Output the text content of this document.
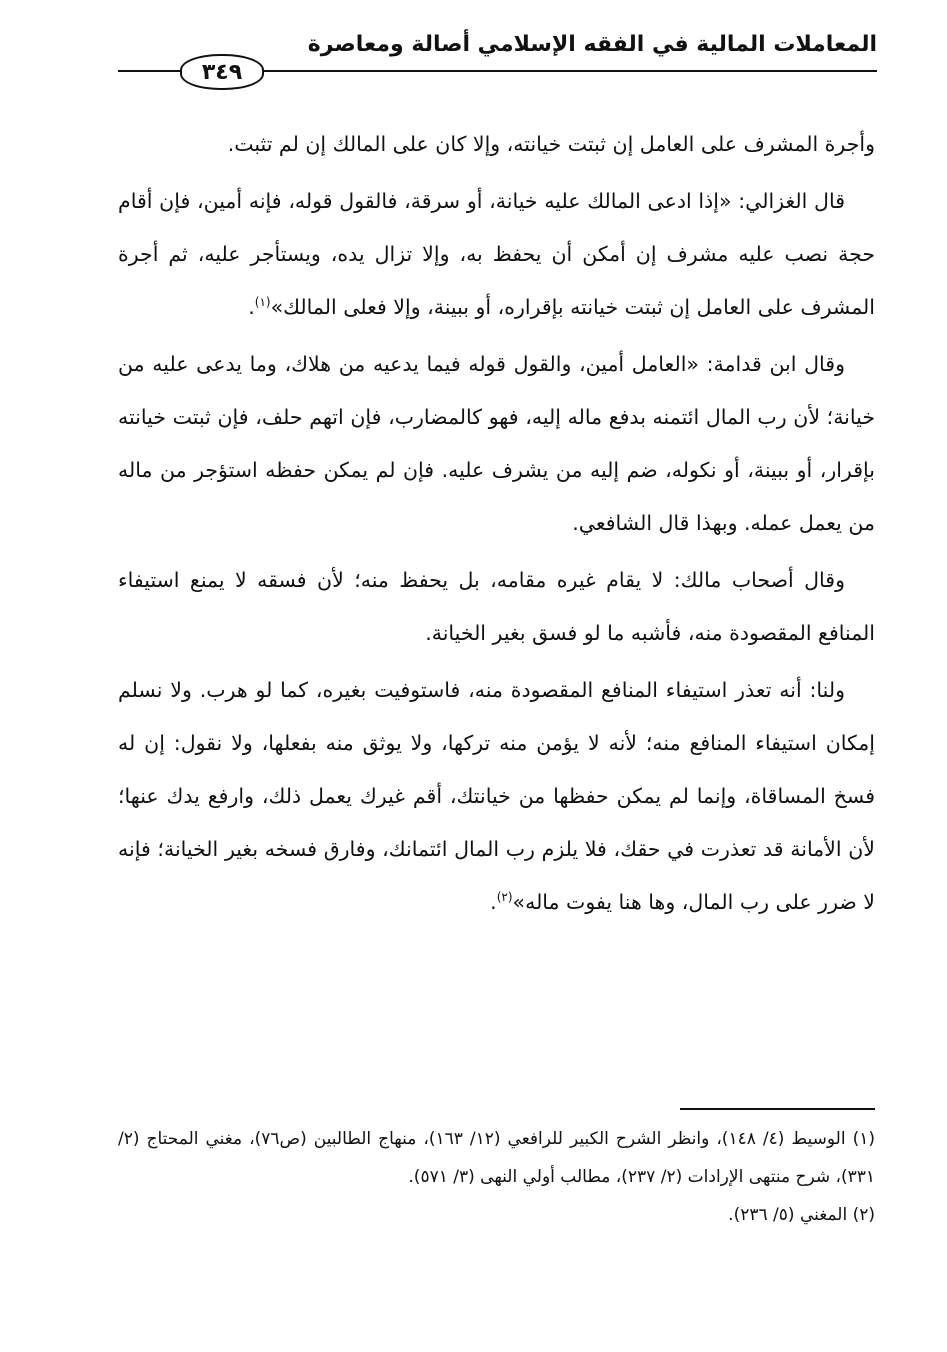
المعاملات المالية في الفقه الإسلامي أصالة ومعاصرة
٣٤٩

وأجرة المشرف على العامل إن ثبتت خيانته، وإلا كان على المالك إن لم تثبت.

قال الغزالي: «إذا ادعى المالك عليه خيانة، أو سرقة، فالقول قوله، فإنه أمين، فإن أقام حجة نصب عليه مشرف إن أمكن أن يحفظ به، وإلا تزال يده، ويستأجر عليه، ثم أجرة المشرف على العامل إن ثبتت خيانته بإقراره، أو ببينة، وإلا فعلى المالك»$^{(١)}$.

وقال ابن قدامة: «العامل أمين، والقول قوله فيما يدعيه من هلاك، وما يدعى عليه من خيانة؛ لأن رب المال ائتمنه بدفع ماله إليه، فهو كالمضارب، فإن اتهم حلف، فإن ثبتت خيانته بإقرار، أو ببينة، أو نكوله، ضم إليه من يشرف عليه. فإن لم يمكن حفظه استؤجر من ماله من يعمل عمله. وبهذا قال الشافعي.

وقال أصحاب مالك: لا يقام غيره مقامه، بل يحفظ منه؛ لأن فسقه لا يمنع استيفاء المنافع المقصودة منه، فأشبه ما لو فسق بغير الخيانة.

ولنا: أنه تعذر استيفاء المنافع المقصودة منه، فاستوفيت بغيره، كما لو هرب. ولا نسلم إمكان استيفاء المنافع منه؛ لأنه لا يؤمن منه تركها، ولا يوثق منه بفعلها، ولا نقول: إن له فسخ المساقاة، وإنما لم يمكن حفظها من خيانتك، أقم غيرك يعمل ذلك، وارفع يدك عنها؛ لأن الأمانة قد تعذرت في حقك، فلا يلزم رب المال ائتمانك، وفارق فسخه بغير الخيانة؛ فإنه لا ضرر على رب المال، وها هنا يفوت ماله»$^{(٢)}$.

(١) الوسيط (٤/ ١٤٨)، وانظر الشرح الكبير للرافعي (١٢/ ١٦٣)، منهاج الطالبين (ص٧٦)، مغني المحتاج (٢/ ٣٣١)، شرح منتهى الإرادات (٢/ ٢٣٧)، مطالب أولي النهى (٣/ ٥٧١).

(٢) المغني (٥/ ٢٣٦).
